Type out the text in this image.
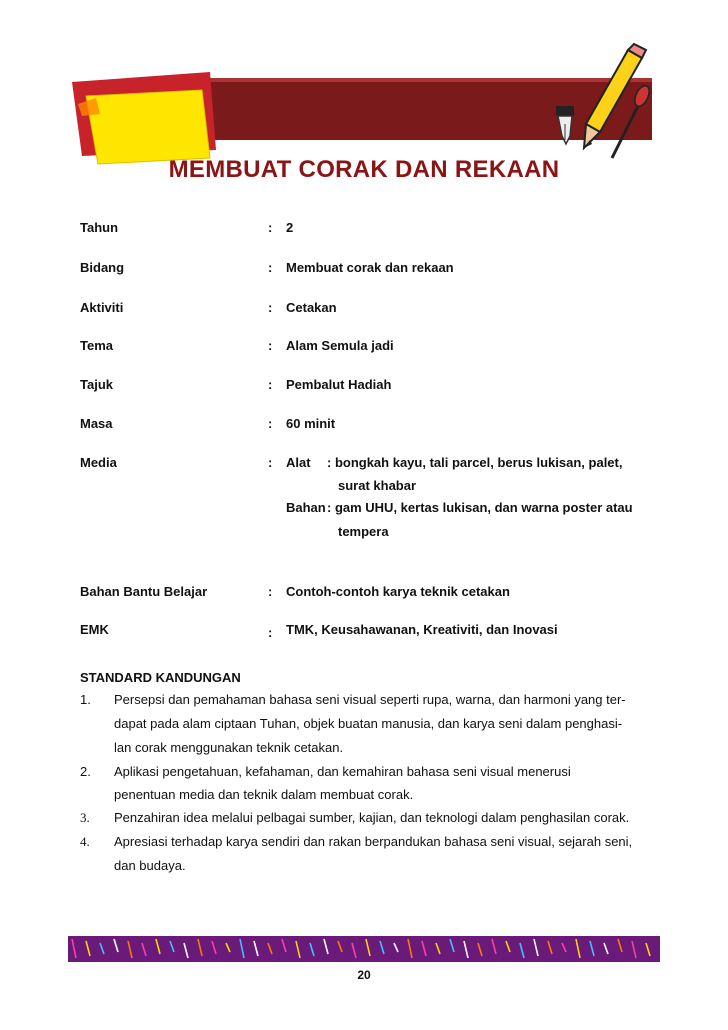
MEMBUAT CORAK DAN REKAAN
Tahun	: 2
Bidang	: Membuat corak dan rekaan
Aktiviti	: Cetakan
Tema	: Alam Semula jadi
Tajuk	: Pembalut Hadiah
Masa	: 60 minit
Media	: Alat : bongkah kayu, tali parcel, berus lukisan, palet,
surat khabar
Bahan : gam UHU, kertas lukisan, dan warna poster atau
tempera
Bahan Bantu Belajar	: Contoh-contoh karya teknik cetakan
EMK	: TMK, Keusahawanan, Kreativiti, dan Inovasi
STANDARD KANDUNGAN
1. Persepsi dan pemahaman bahasa seni visual seperti rupa, warna, dan harmoni yang ter-
dapat pada alam ciptaan Tuhan, objek buatan manusia, dan karya seni dalam penghasi-
lan corak menggunakan teknik cetakan.
2. Aplikasi pengetahuan, kefahaman, dan kemahiran bahasa seni visual menerusi
penentuan media dan teknik dalam membuat corak.
3. Penzahiran idea melalui pelbagai sumber, kajian, dan teknologi dalam penghasilan corak.
4. Apresiasi terhadap karya sendiri dan rakan berpandukan bahasa seni visual, sejarah seni,
dan budaya.
20
